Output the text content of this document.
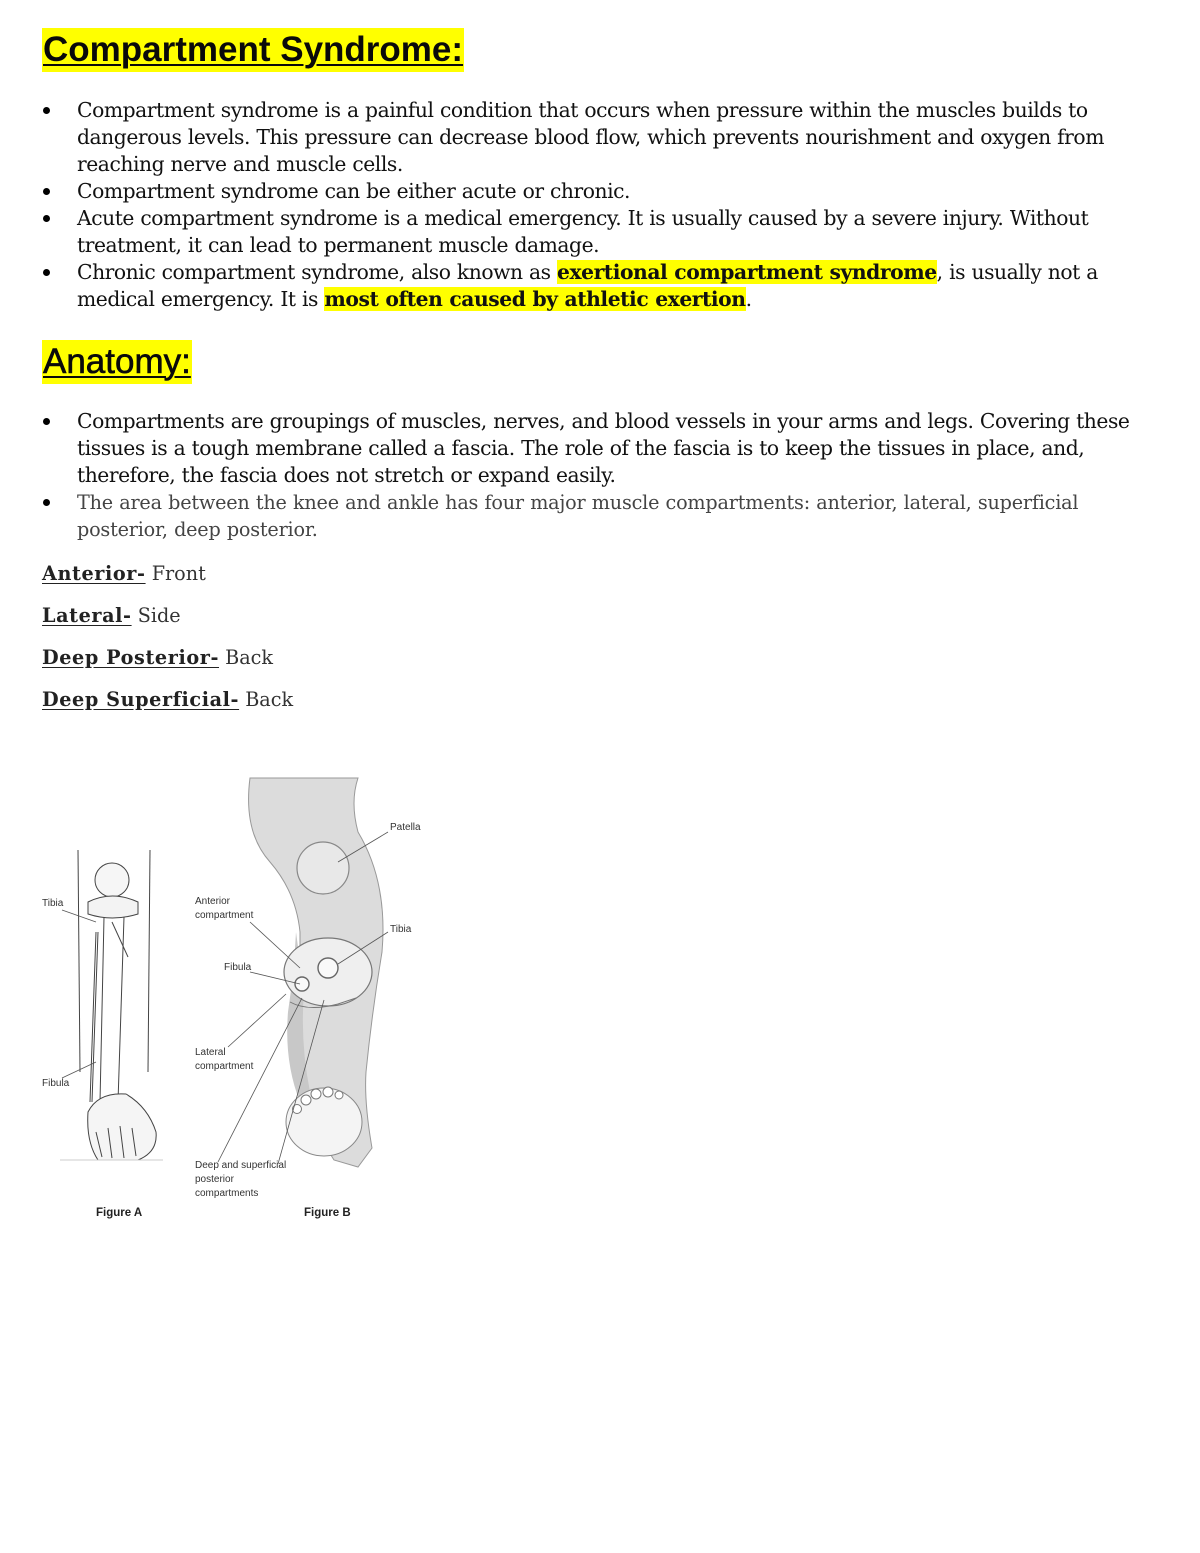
Compartment Syndrome:
Compartment syndrome is a painful condition that occurs when pressure within the muscles builds to dangerous levels. This pressure can decrease blood flow, which prevents nourishment and oxygen from reaching nerve and muscle cells.
Compartment syndrome can be either acute or chronic.
Acute compartment syndrome is a medical emergency. It is usually caused by a severe injury. Without treatment, it can lead to permanent muscle damage.
Chronic compartment syndrome, also known as exertional compartment syndrome, is usually not a medical emergency. It is most often caused by athletic exertion.
Anatomy:
Compartments are groupings of muscles, nerves, and blood vessels in your arms and legs. Covering these tissues is a tough membrane called a fascia. The role of the fascia is to keep the tissues in place, and, therefore, the fascia does not stretch or expand easily.
The area between the knee and ankle has four major muscle compartments: anterior, lateral, superficial posterior, deep posterior.

Anterior- Front

Lateral- Side

Deep Posterior- Back

Deep Superficial- Back

Tibia
Fibula
Figure A
Patella
Anterior
compartment
Tibia
Fibula
Lateral
compartment
Deep and superficial
posterior
compartments
Figure B
